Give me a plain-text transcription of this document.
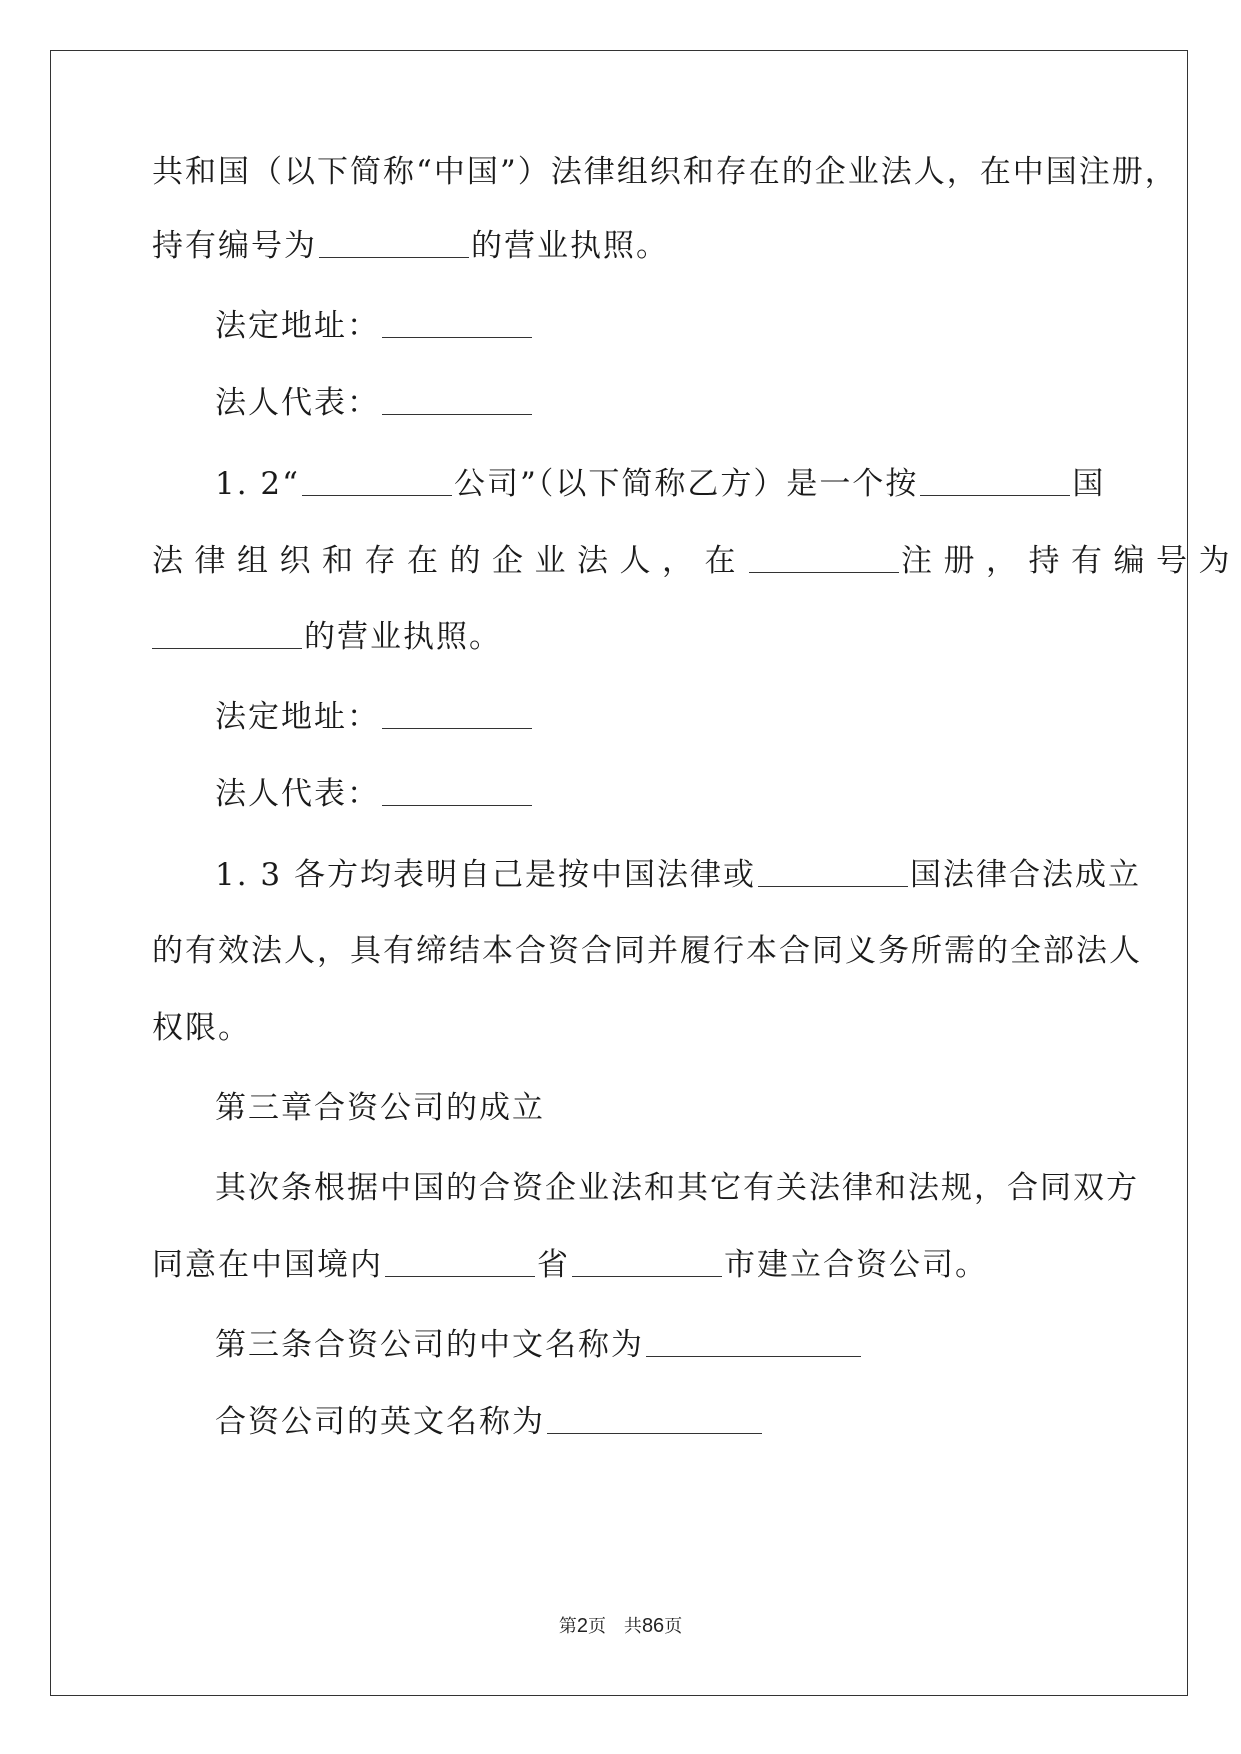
共和国（以下简称“中国”）法律组织和存在的企业法人，在中国注册，
持有编号为	的营业执照。
法定地址：
法人代表：
1. 2“	公司”（以下简称乙方）是一个按	国
法律组织和存在的企业法人，在	注册，持有编号为
的营业执照。
法定地址：
法人代表：
1. 3 各方均表明自己是按中国法律或	国法律合法成立
的有效法人，具有缔结本合资合同并履行本合同义务所需的全部法人
权限。
第三章合资公司的成立
其次条根据中国的合资企业法和其它有关法律和法规，合同双方
同意在中国境内	省	市建立合资公司。
第三条合资公司的中文名称为
合资公司的英文名称为
第2页　共86页
